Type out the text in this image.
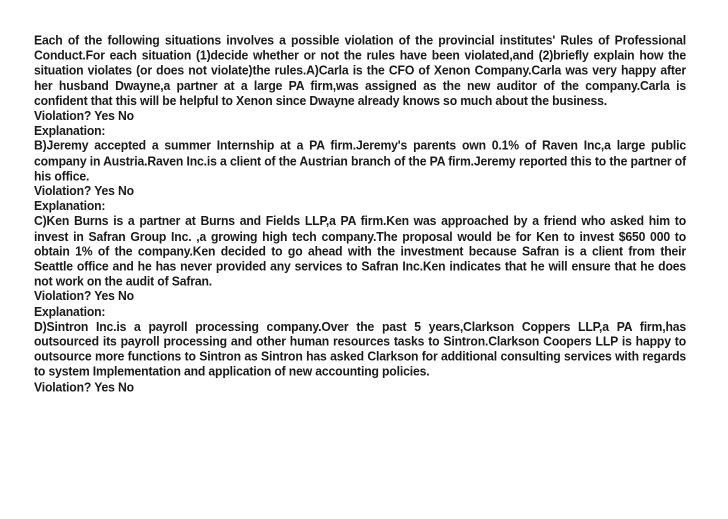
Each of the following situations involves a possible violation of the provincial institutes' Rules of Professional Conduct.For each situation (1)decide whether or not the rules have been violated,and (2)briefly explain how the situation violates (or does not violate)the rules.A)Carla is the CFO of Xenon Company.Carla was very happy after her husband Dwayne,a partner at a large PA firm,was assigned as the new auditor of the company.Carla is confident that this will be helpful to Xenon since Dwayne already knows so much about the business.

Violation? Yes No

Explanation:

B)Jeremy accepted a summer Internship at a PA firm.Jeremy's parents own 0.1% of Raven Inc,a large public company in Austria.Raven Inc.is a client of the Austrian branch of the PA firm.Jeremy reported this to the partner of his office.

Violation? Yes No

Explanation:

C)Ken Burns is a partner at Burns and Fields LLP,a PA firm.Ken was approached by a friend who asked him to invest in Safran Group Inc. ,a growing high tech company.The proposal would be for Ken to invest $650 000 to obtain 1% of the company.Ken decided to go ahead with the investment because Safran is a client from their Seattle office and he has never provided any services to Safran Inc.Ken indicates that he will ensure that he does not work on the audit of Safran.

Violation? Yes No

Explanation:

D)Sintron Inc.is a payroll processing company.Over the past 5 years,Clarkson Coppers LLP,a PA firm,has outsourced its payroll processing and other human resources tasks to Sintron.Clarkson Coopers LLP is happy to outsource more functions to Sintron as Sintron has asked Clarkson for additional consulting services with regards to system Implementation and application of new accounting policies.

Violation? Yes No
